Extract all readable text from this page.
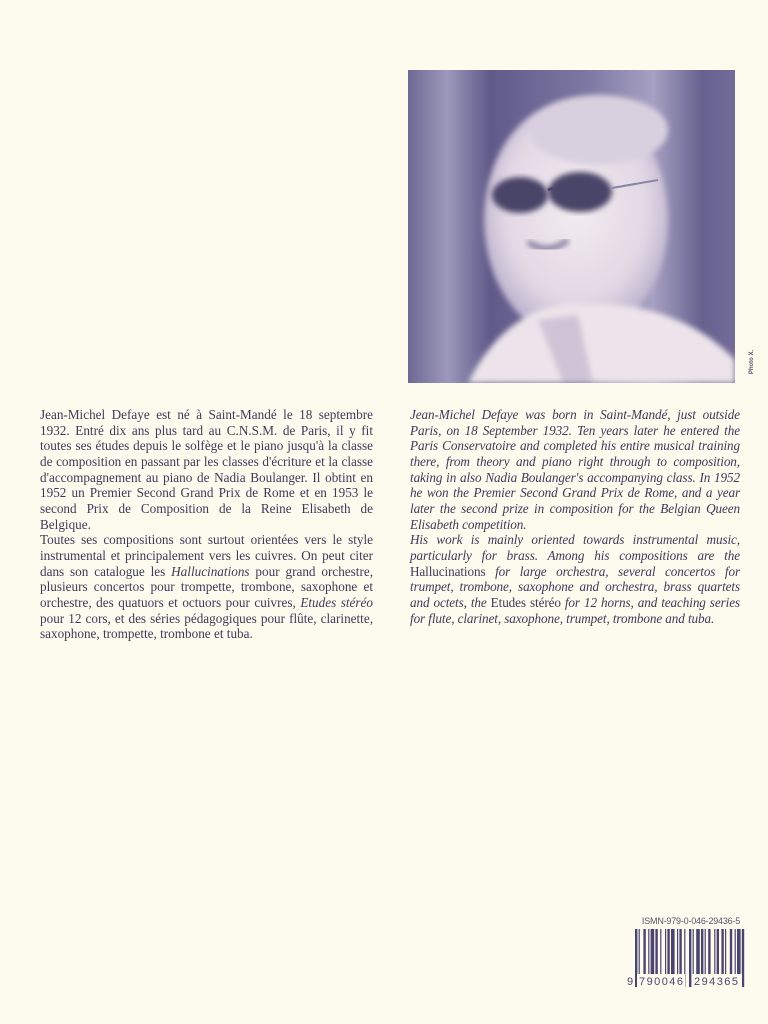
Photo X.

Jean-Michel Defaye est né à Saint-Mandé le 18 septembre 1932. Entré dix ans plus tard au C.N.S.M. de Paris, il y fit toutes ses études depuis le solfège et le piano jusqu'à la classe de composition en passant par les classes d'écriture et la classe d'accompagnement au piano de Nadia Boulanger. Il obtint en 1952 un Premier Second Grand Prix de Rome et en 1953 le second Prix de Composition de la Reine Elisabeth de Belgique.

Toutes ses compositions sont surtout orientées vers le style instrumental et principalement vers les cuivres. On peut citer dans son catalogue les Hallucinations pour grand orchestre, plusieurs concertos pour trompette, trombone, saxophone et orchestre, des quatuors et octuors pour cuivres, Etudes stéréo pour 12 cors, et des séries pédagogiques pour flûte, clarinette, saxophone, trompette, trombone et tuba.

Jean-Michel Defaye was born in Saint-Mandé, just outside Paris, on 18 September 1932. Ten years later he entered the Paris Conservatoire and completed his entire musical training there, from theory and piano right through to composition, taking in also Nadia Boulanger's accompanying class. In 1952 he won the Premier Second Grand Prix de Rome, and a year later the second prize in composition for the Belgian Queen Elisabeth competition.

His work is mainly oriented towards instrumental music, particularly for brass. Among his compositions are the Hallucinations for large orchestra, several concertos for trumpet, trombone, saxophone and orchestra, brass quartets and octets, the Etudes stéréo for 12 horns, and teaching series for flute, clarinet, saxophone, trumpet, trombone and tuba.

ISMN-979-0-046-29436-5
9 790046 294365
